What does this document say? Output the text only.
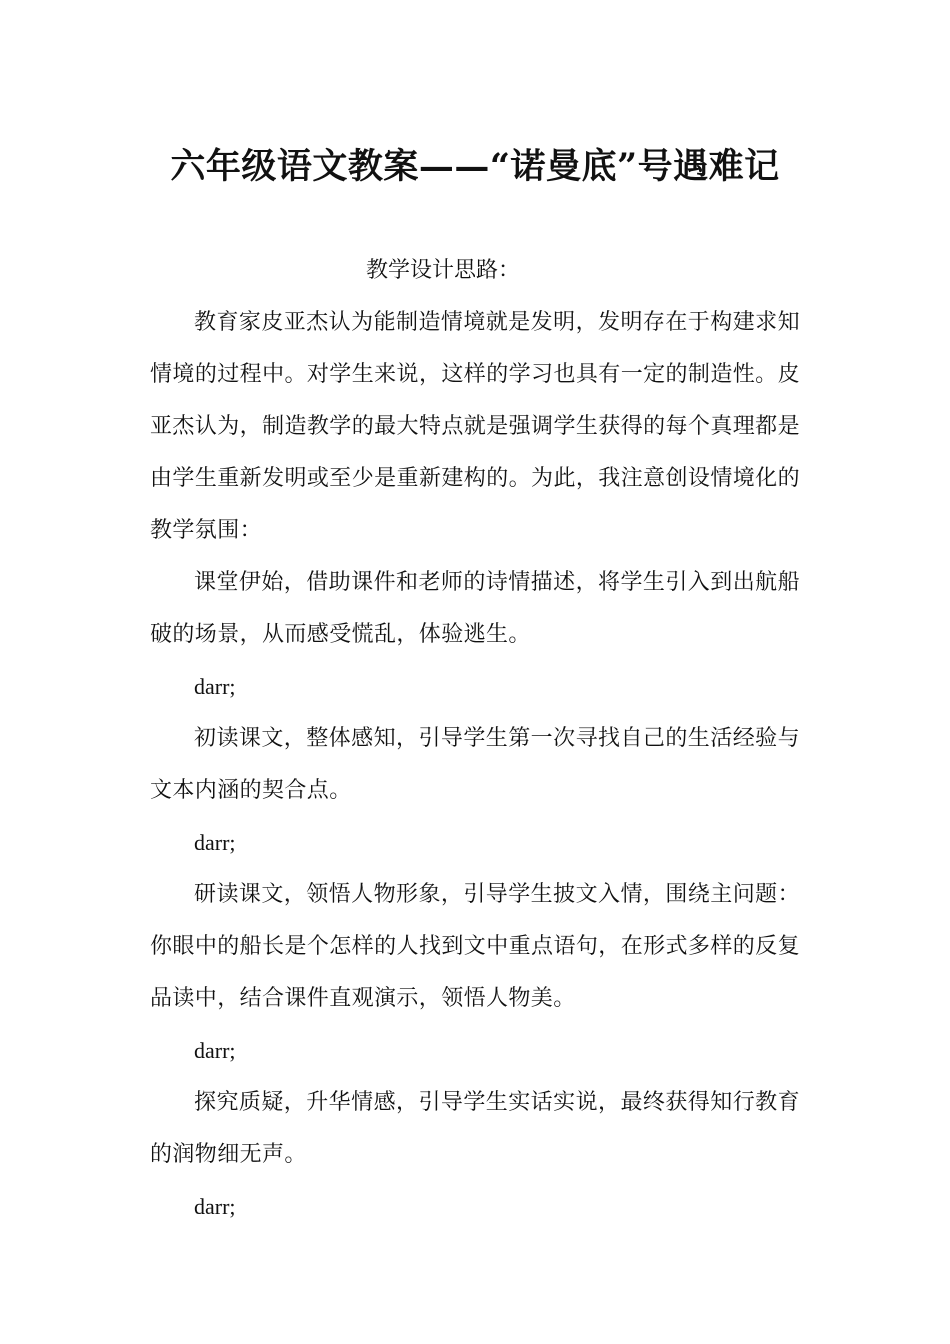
六年级语文教案——“诺曼底”号遇难记

教学设计思路：

教育家皮亚杰认为能制造情境就是发明，发明存在于构建求知情境的过程中。对学生来说，这样的学习也具有一定的制造性。皮亚杰认为，制造教学的最大特点就是强调学生获得的每个真理都是由学生重新发明或至少是重新建构的。为此，我注意创设情境化的教学氛围：

课堂伊始，借助课件和老师的诗情描述，将学生引入到出航船破的场景，从而感受慌乱，体验逃生。

darr;

初读课文，整体感知，引导学生第一次寻找自己的生活经验与文本内涵的契合点。

darr;

研读课文，领悟人物形象，引导学生披文入情，围绕主问题：你眼中的船长是个怎样的人找到文中重点语句，在形式多样的反复品读中，结合课件直观演示，领悟人物美。

darr;

探究质疑，升华情感，引导学生实话实说，最终获得知行教育的润物细无声。

darr;
